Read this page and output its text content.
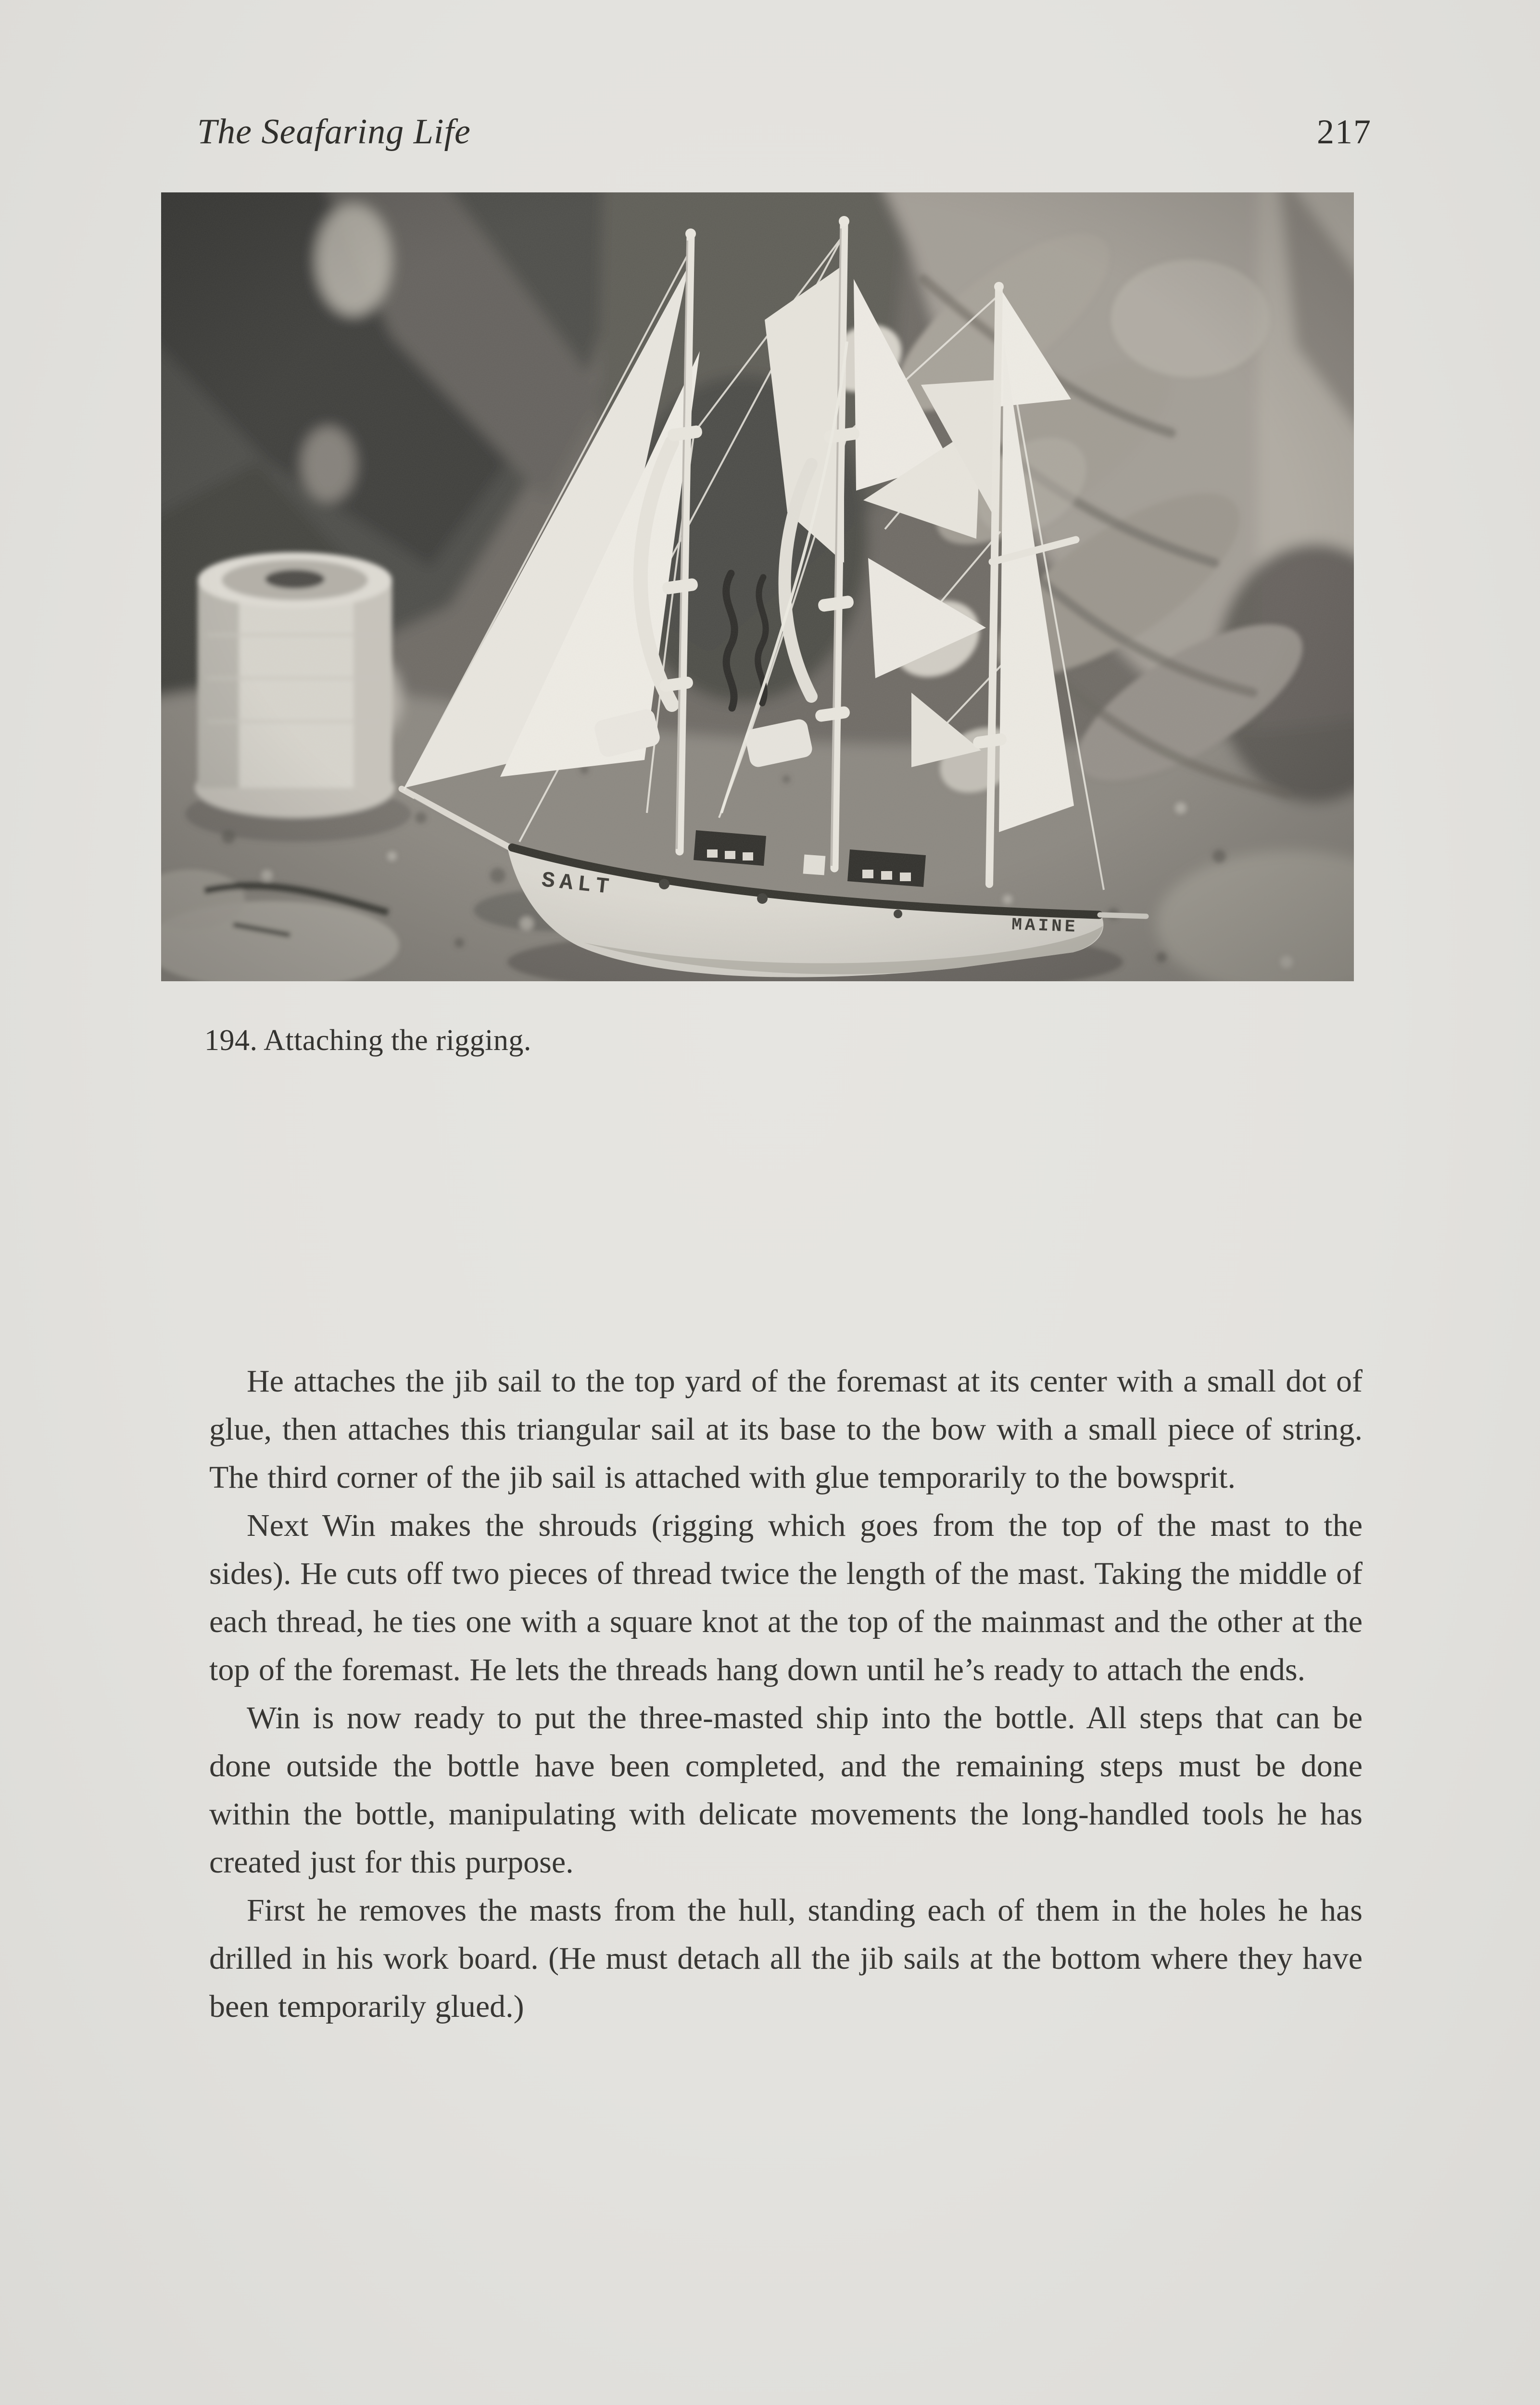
The Seafaring Life	217
194. Attaching the rigging.

He attaches the jib sail to the top yard of the foremast at its center with a small dot of glue, then attaches this triangular sail at its base to the bow with a small piece of string. The third corner of the jib sail is attached with glue temporarily to the bowsprit.

Next Win makes the shrouds (rigging which goes from the top of the mast to the sides). He cuts off two pieces of thread twice the length of the mast. Taking the middle of each thread, he ties one with a square knot at the top of the mainmast and the other at the top of the foremast. He lets the threads hang down until he’s ready to attach the ends.

Win is now ready to put the three-masted ship into the bottle. All steps that can be done outside the bottle have been completed, and the remaining steps must be done within the bottle, manipulating with delicate movements the long-handled tools he has created just for this purpose.

First he removes the masts from the hull, standing each of them in the holes he has drilled in his work board. (He must detach all the jib sails at the bottom where they have been temporarily glued.)
